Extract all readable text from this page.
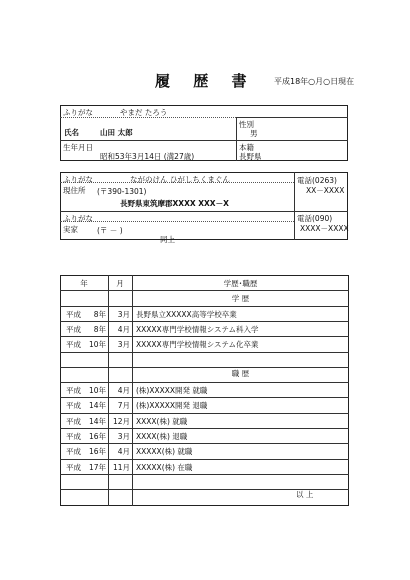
履 歴 書 平成18年○月○日現在
ふりがな	やまだ たろう
氏名	山田 太郎
性別
男
生年月日
昭和53年3月14日 (満27歳)
本籍
長野県
ふりがな	ながのけん ひがしちくまぐん
現住所 (〒390-1301)
長野県東筑摩郡XXXX XXX－X
電話(0263)
XX－XXXX
ふりがな
実家	(〒 － )
同上
電話(090)
XXXX－XXXX
年	月	学歴･職歴
学 歴
平成	8年	3月 長野県立XXXXX高等学校卒業
平成	8年	4月 XXXXX専門学校情報システム科入学
平成	10年	3月 XXXXX専門学校情報システム化卒業
職 歴
平成	10年	4月 (株)XXXXX開発 就職
平成	14年	7月 (株)XXXXX開発 退職
平成	14年 12月 XXXX(株) 就職
平成	16年	3月 XXXX(株) 退職
平成	16年	4月 XXXXX(株) 就職
平成	17年 11月 XXXXX(株) 在職
以 上
